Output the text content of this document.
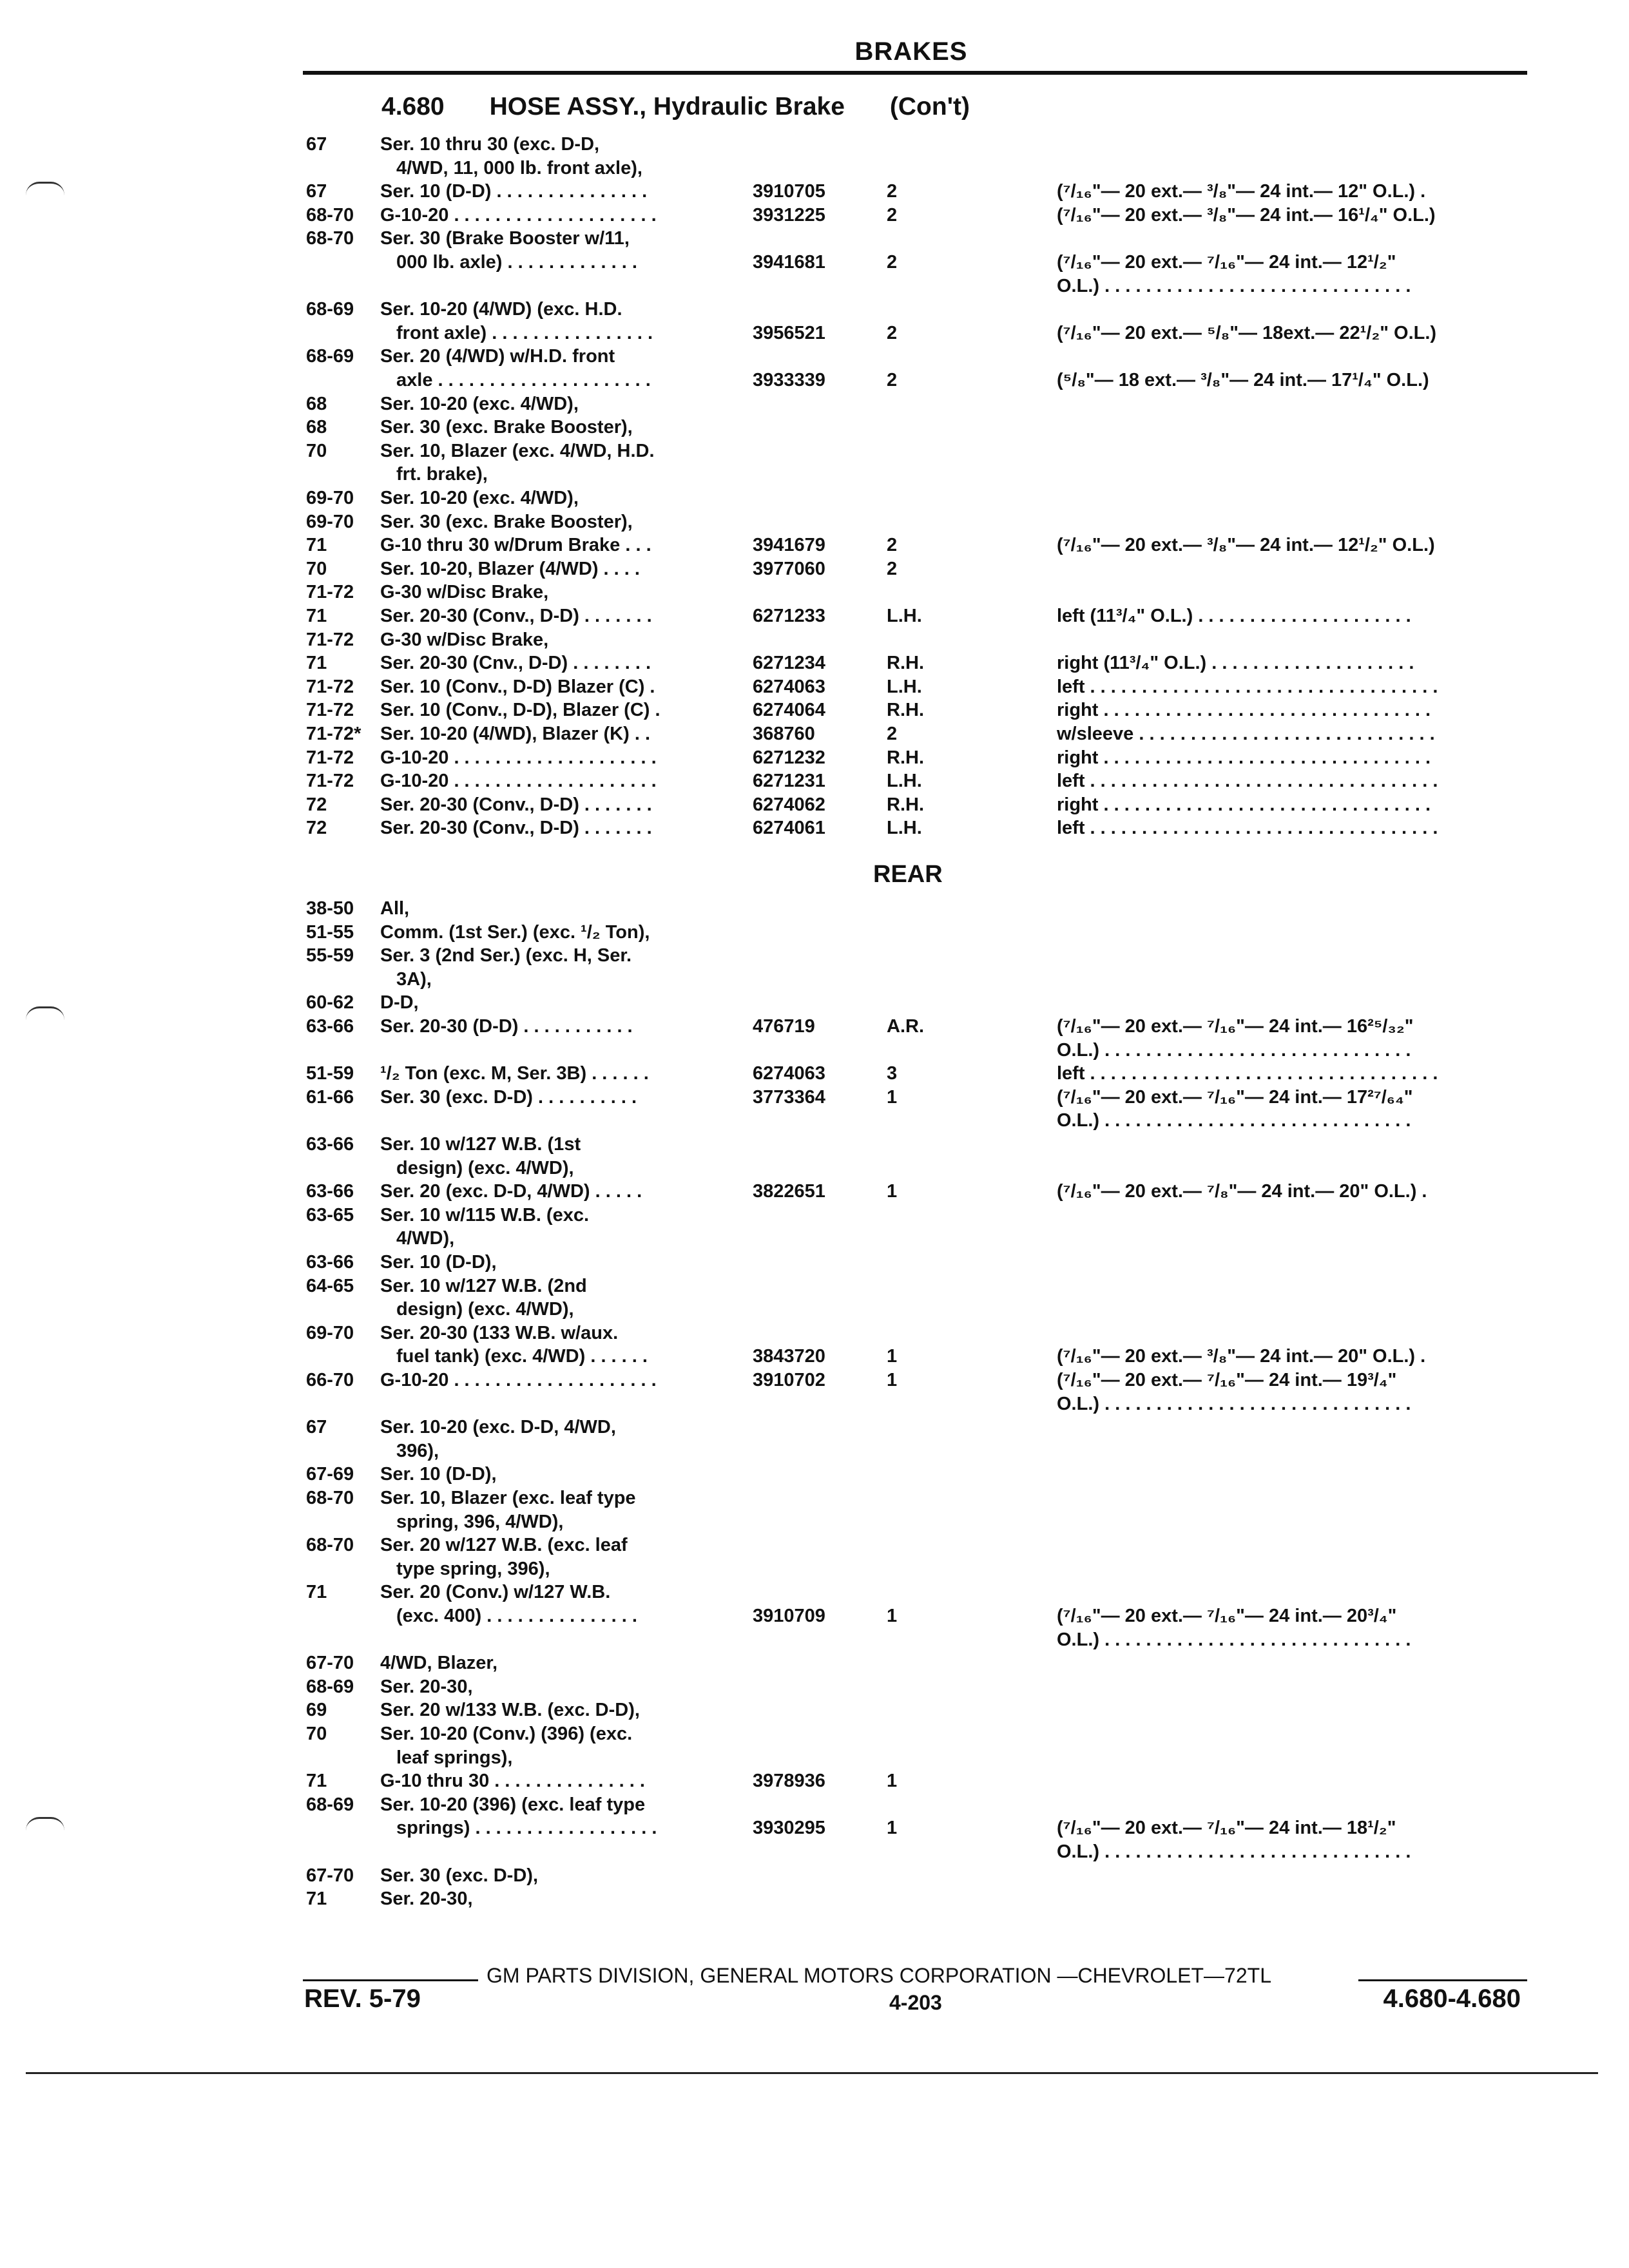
BRAKES
4.680 HOSE ASSY., Hydraulic Brake (Con't)
67	Ser. 10 thru 30 (exc. D-D,
4/WD, 11, 000 lb. front axle),
67	Ser. 10 (D-D) . . . . . . . . . . . . . . .	3910705	2	(⁷/₁₆"— 20 ext.— ³/₈"— 24 int.— 12" O.L.) .
68-70 G-10-20 . . . . . . . . . . . . . . . . . . . .	3931225	2	(⁷/₁₆"— 20 ext.— ³/₈"— 24 int.— 16¹/₄" O.L.)
68-70 Ser. 30 (Brake Booster w/11,
000 lb. axle) . . . . . . . . . . . . .	3941681	2	(⁷/₁₆"— 20 ext.— ⁷/₁₆"— 24 int.— 12¹/₂"
O.L.) . . . . . . . . . . . . . . . . . . . . . . . . . . . . . .
68-69 Ser. 10-20 (4/WD) (exc. H.D.
front axle) . . . . . . . . . . . . . . . .	3956521	2	(⁷/₁₆"— 20 ext.— ⁵/₈"— 18ext.— 22¹/₂" O.L.)
68-69 Ser. 20 (4/WD) w/H.D. front
axle . . . . . . . . . . . . . . . . . . . . .	3933339	2	(⁵/₈"— 18 ext.— ³/₈"— 24 int.— 17¹/₄" O.L.)
68	Ser. 10-20 (exc. 4/WD),
68	Ser. 30 (exc. Brake Booster),
70	Ser. 10, Blazer (exc. 4/WD, H.D.
frt. brake),
69-70 Ser. 10-20 (exc. 4/WD),
69-70 Ser. 30 (exc. Brake Booster),
71	G-10 thru 30 w/Drum Brake . . .	3941679	2	(⁷/₁₆"— 20 ext.— ³/₈"— 24 int.— 12¹/₂" O.L.)
70	Ser. 10-20, Blazer (4/WD) . . . .	3977060	2
71-72 G-30 w/Disc Brake,
71	Ser. 20-30 (Conv., D-D) . . . . . . .	6271233	L.H.	left (11³/₄" O.L.) . . . . . . . . . . . . . . . . . . . . .
71-72 G-30 w/Disc Brake,
71	Ser. 20-30 (Cnv., D-D) . . . . . . . .	6271234	R.H.	right (11³/₄" O.L.) . . . . . . . . . . . . . . . . . . . .
71-72 Ser. 10 (Conv., D-D) Blazer (C) .	6274063	L.H.	left . . . . . . . . . . . . . . . . . . . . . . . . . . . . . . . . . .
71-72 Ser. 10 (Conv., D-D), Blazer (C) .	6274064	R.H.	right . . . . . . . . . . . . . . . . . . . . . . . . . . . . . . . .
71-72* Ser. 10-20 (4/WD), Blazer (K) . .	368760	2	w/sleeve . . . . . . . . . . . . . . . . . . . . . . . . . . . . .
71-72 G-10-20 . . . . . . . . . . . . . . . . . . . .	6271232	R.H.	right . . . . . . . . . . . . . . . . . . . . . . . . . . . . . . . .
71-72 G-10-20 . . . . . . . . . . . . . . . . . . . .	6271231	L.H.	left . . . . . . . . . . . . . . . . . . . . . . . . . . . . . . . . . .
72	Ser. 20-30 (Conv., D-D) . . . . . . .	6274062	R.H.	right . . . . . . . . . . . . . . . . . . . . . . . . . . . . . . . .
72	Ser. 20-30 (Conv., D-D) . . . . . . .	6274061	L.H.	left . . . . . . . . . . . . . . . . . . . . . . . . . . . . . . . . . .
REAR
38-50 All,
51-55 Comm. (1st Ser.) (exc. ¹/₂ Ton),
55-59 Ser. 3 (2nd Ser.) (exc. H, Ser.
3A),
60-62 D-D,
63-66 Ser. 20-30 (D-D) . . . . . . . . . . .	476719	A.R.	(⁷/₁₆"— 20 ext.— ⁷/₁₆"— 24 int.— 16²⁵/₃₂"
O.L.) . . . . . . . . . . . . . . . . . . . . . . . . . . . . . .
51-59 ¹/₂ Ton (exc. M, Ser. 3B) . . . . . .	6274063	3	left . . . . . . . . . . . . . . . . . . . . . . . . . . . . . . . . . .
61-66 Ser. 30 (exc. D-D) . . . . . . . . . .	3773364	1	(⁷/₁₆"— 20 ext.— ⁷/₁₆"— 24 int.— 17²⁷/₆₄"
O.L.) . . . . . . . . . . . . . . . . . . . . . . . . . . . . . .
63-66 Ser. 10 w/127 W.B. (1st
design) (exc. 4/WD),
63-66 Ser. 20 (exc. D-D, 4/WD) . . . . .	3822651	1	(⁷/₁₆"— 20 ext.— ⁷/₈"— 24 int.— 20" O.L.) .
63-65 Ser. 10 w/115 W.B. (exc.
4/WD),
63-66 Ser. 10 (D-D),
64-65 Ser. 10 w/127 W.B. (2nd
design) (exc. 4/WD),
69-70 Ser. 20-30 (133 W.B. w/aux.
fuel tank) (exc. 4/WD) . . . . . .	3843720	1	(⁷/₁₆"— 20 ext.— ³/₈"— 24 int.— 20" O.L.) .
66-70 G-10-20 . . . . . . . . . . . . . . . . . . . .	3910702	1	(⁷/₁₆"— 20 ext.— ⁷/₁₆"— 24 int.— 19³/₄"
O.L.) . . . . . . . . . . . . . . . . . . . . . . . . . . . . . .
67	Ser. 10-20 (exc. D-D, 4/WD,
396),
67-69 Ser. 10 (D-D),
68-70 Ser. 10, Blazer (exc. leaf type
spring, 396, 4/WD),
68-70 Ser. 20 w/127 W.B. (exc. leaf
type spring, 396),
71	Ser. 20 (Conv.) w/127 W.B.
(exc. 400) . . . . . . . . . . . . . . .	3910709	1	(⁷/₁₆"— 20 ext.— ⁷/₁₆"— 24 int.— 20³/₄"
O.L.) . . . . . . . . . . . . . . . . . . . . . . . . . . . . . .
67-70 4/WD, Blazer,
68-69 Ser. 20-30,
69	Ser. 20 w/133 W.B. (exc. D-D),
70	Ser. 10-20 (Conv.) (396) (exc.
leaf springs),
71	G-10 thru 30 . . . . . . . . . . . . . . .	3978936	1
68-69 Ser. 10-20 (396) (exc. leaf type
springs) . . . . . . . . . . . . . . . . . .	3930295	1	(⁷/₁₆"— 20 ext.— ⁷/₁₆"— 24 int.— 18¹/₂"
O.L.) . . . . . . . . . . . . . . . . . . . . . . . . . . . . . .
67-70 Ser. 30 (exc. D-D),
71	Ser. 20-30,
GM PARTS DIVISION, GENERAL MOTORS CORPORATION —CHEVROLET—72TL
REV. 5-79	4-203	4.680-4.680
